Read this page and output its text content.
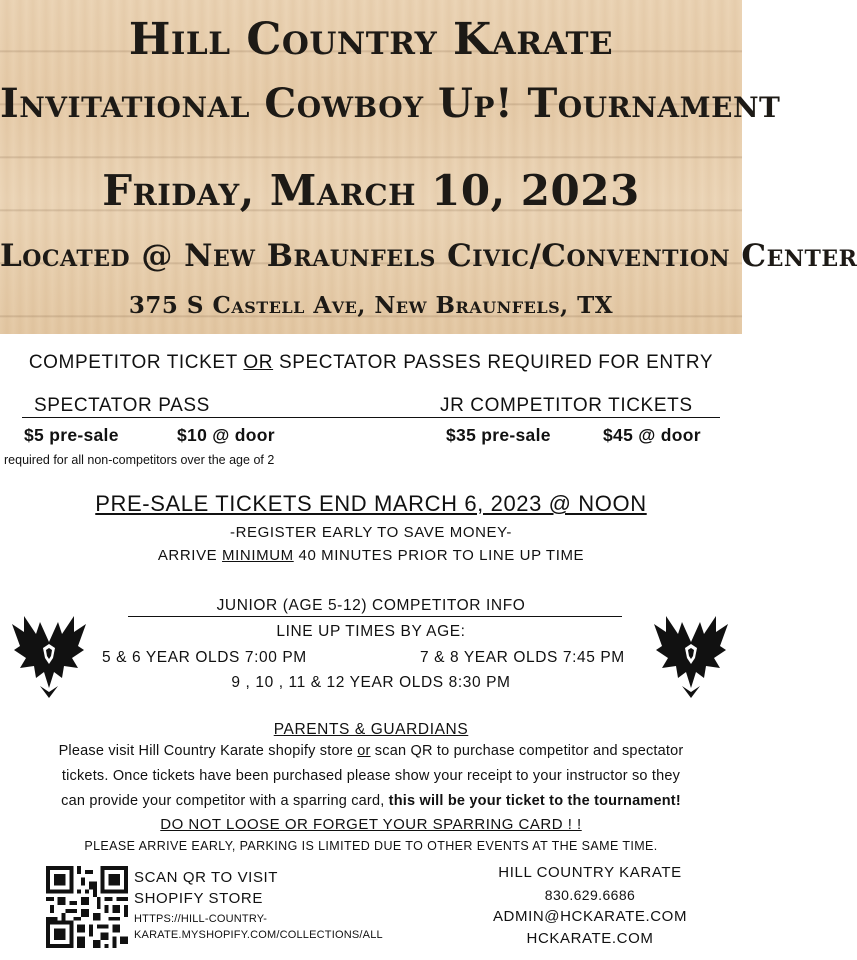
Hill Country Karate
Invitational Cowboy Up! Tournament
Friday, March 10, 2023
Located @ New Braunfels Civic/Convention Center
375 S Castell Ave, New Braunfels, TX
COMPETITOR TICKET OR SPECTATOR PASSES REQUIRED FOR ENTRY
SPECTATOR PASS
$5 pre-sale	$10 @ door
required for all non-competitors over the age of 2
JR COMPETITOR TICKETS
$35 pre-sale	$45 @ door
PRE-SALE TICKETS END MARCH 6, 2023 @ NOON
-REGISTER EARLY TO SAVE MONEY-
ARRIVE MINIMUM 40 MINUTES PRIOR TO LINE UP TIME
JUNIOR (AGE 5-12) COMPETITOR INFO
LINE UP TIMES BY AGE:
5 & 6 YEAR OLDS 7:00 PM	7 & 8 YEAR OLDS 7:45 PM
9 , 10 , 11 & 12 YEAR OLDS 8:30 PM
PARENTS & GUARDIANS
Please visit Hill Country Karate shopify store or scan QR to purchase competitor and spectator
tickets. Once tickets have been purchased please show your receipt to your instructor so they
can provide your competitor with a sparring card, this will be your ticket to the tournament!
DO NOT LOOSE OR FORGET YOUR SPARRING CARD ! !
PLEASE ARRIVE EARLY, PARKING IS LIMITED DUE TO OTHER EVENTS AT THE SAME TIME.
SCAN QR TO VISIT
SHOPIFY STORE
HTTPS://HILL-COUNTRY-
KARATE.MYSHOPIFY.COM/COLLECTIONS/ALL
HILL COUNTRY KARATE
830.629.6686
ADMIN@HCKARATE.COM
HCKARATE.COM
